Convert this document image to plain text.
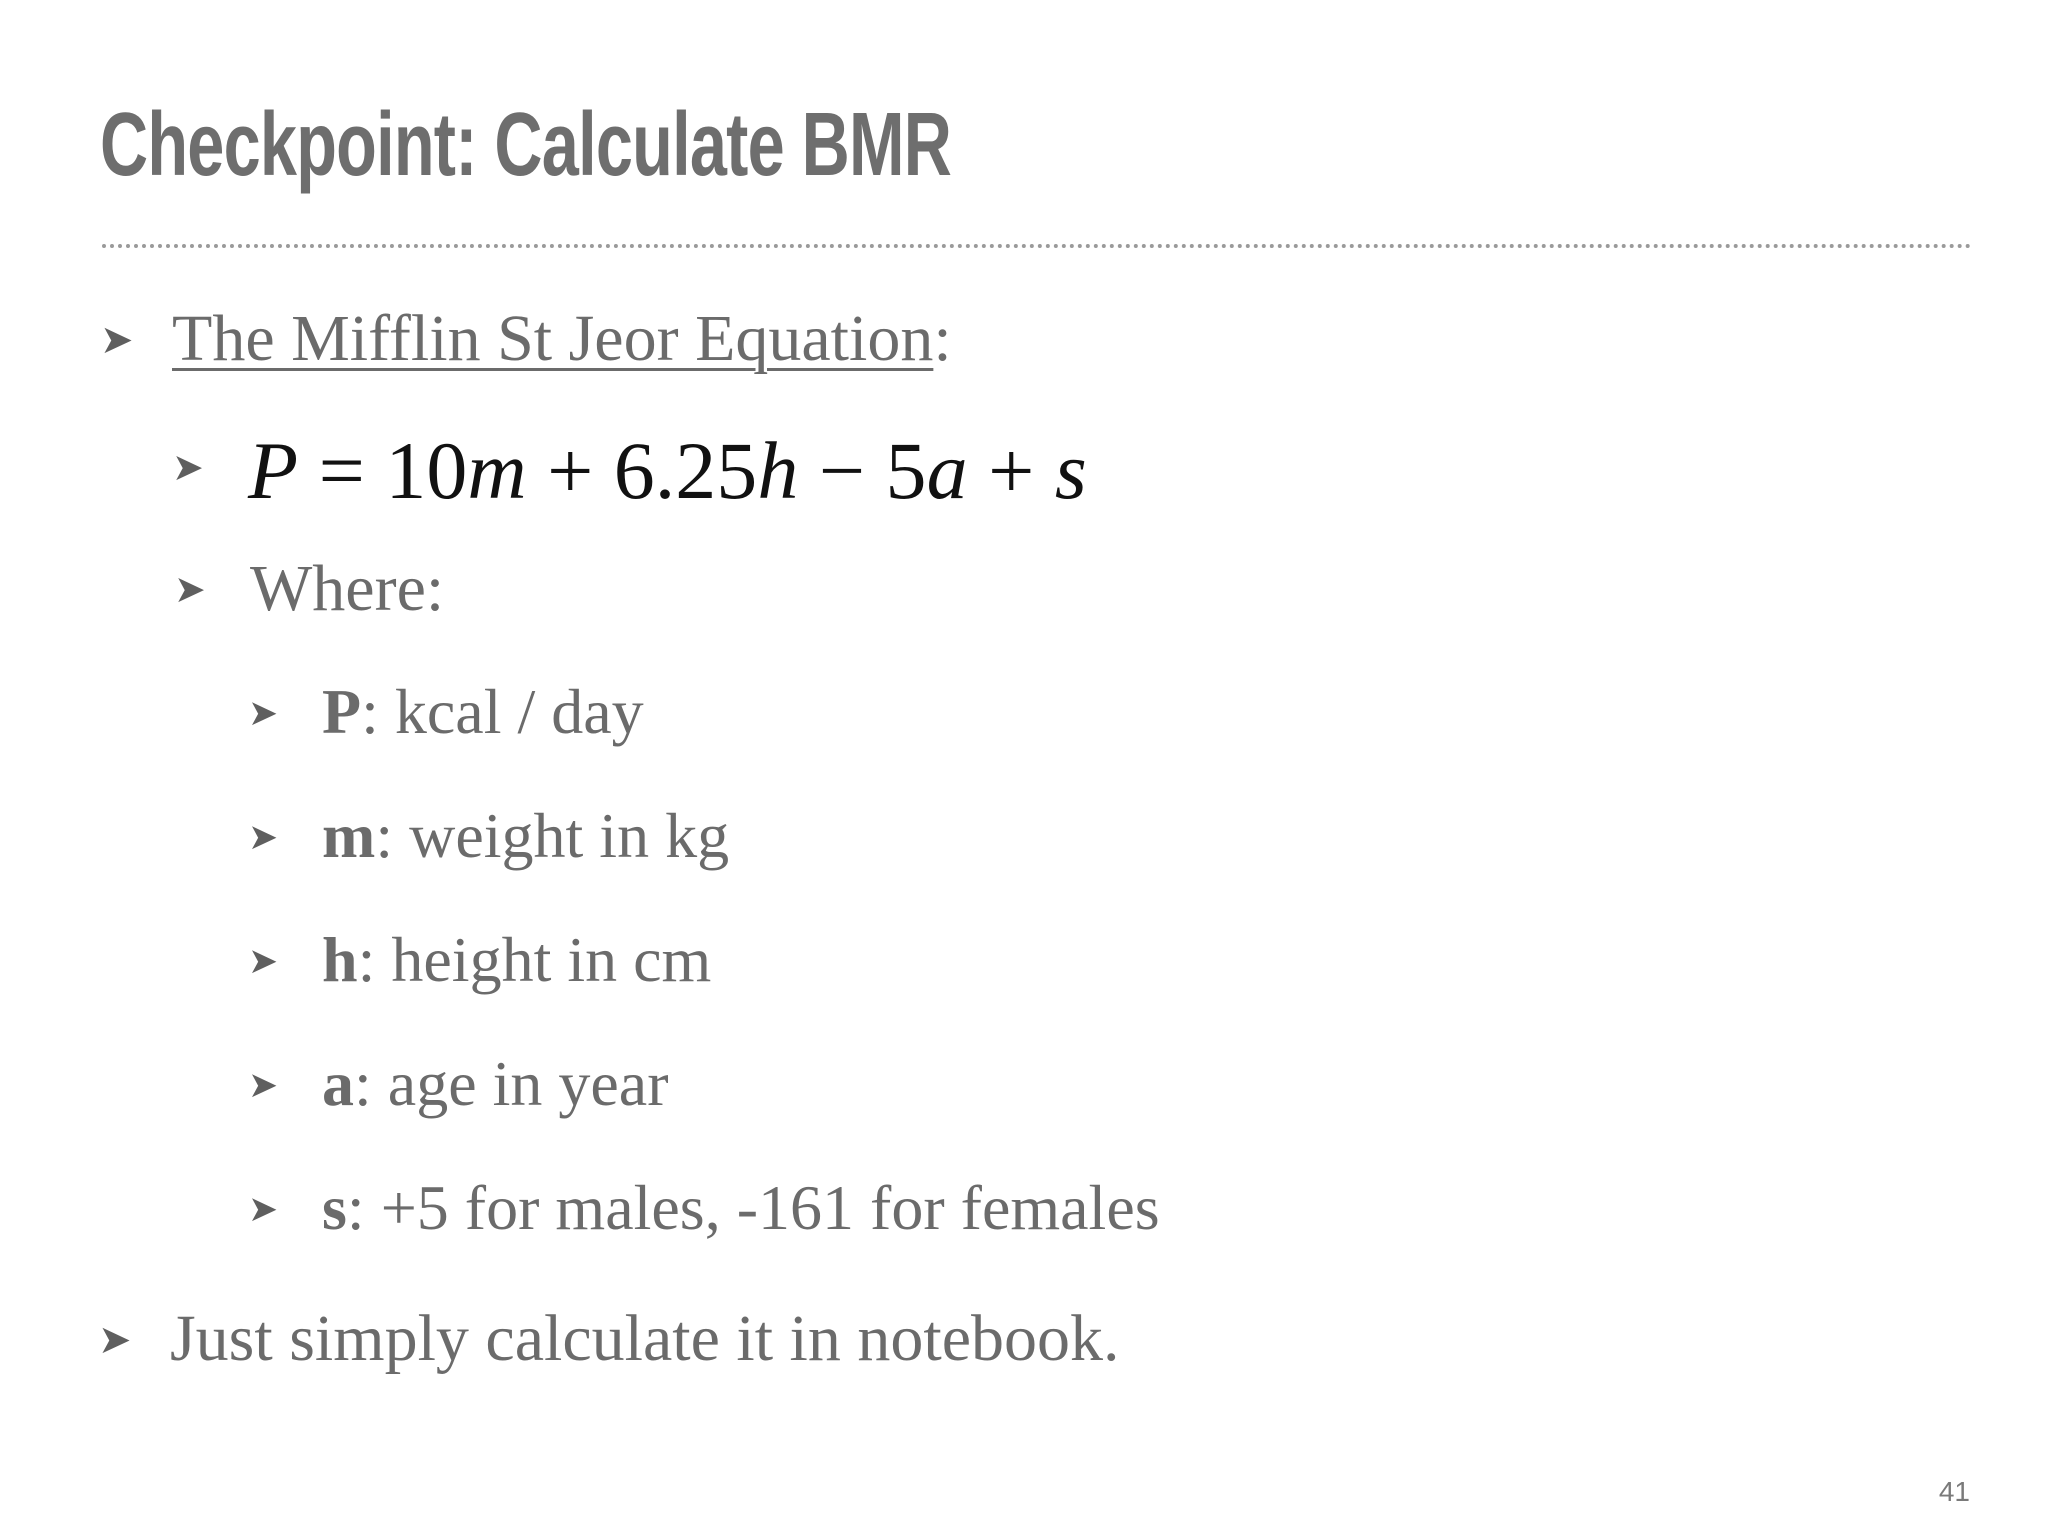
Checkpoint: Calculate BMR
➤ The Mifflin St Jeor Equation:
➤ P = 10m + 6.25h − 5a + s
➤ Where:
➤ P: kcal / day
➤ m: weight in kg
➤ h: height in cm
➤ a: age in year
➤ s: +5 for males, -161 for females
➤ Just simply calculate it in notebook.
41
